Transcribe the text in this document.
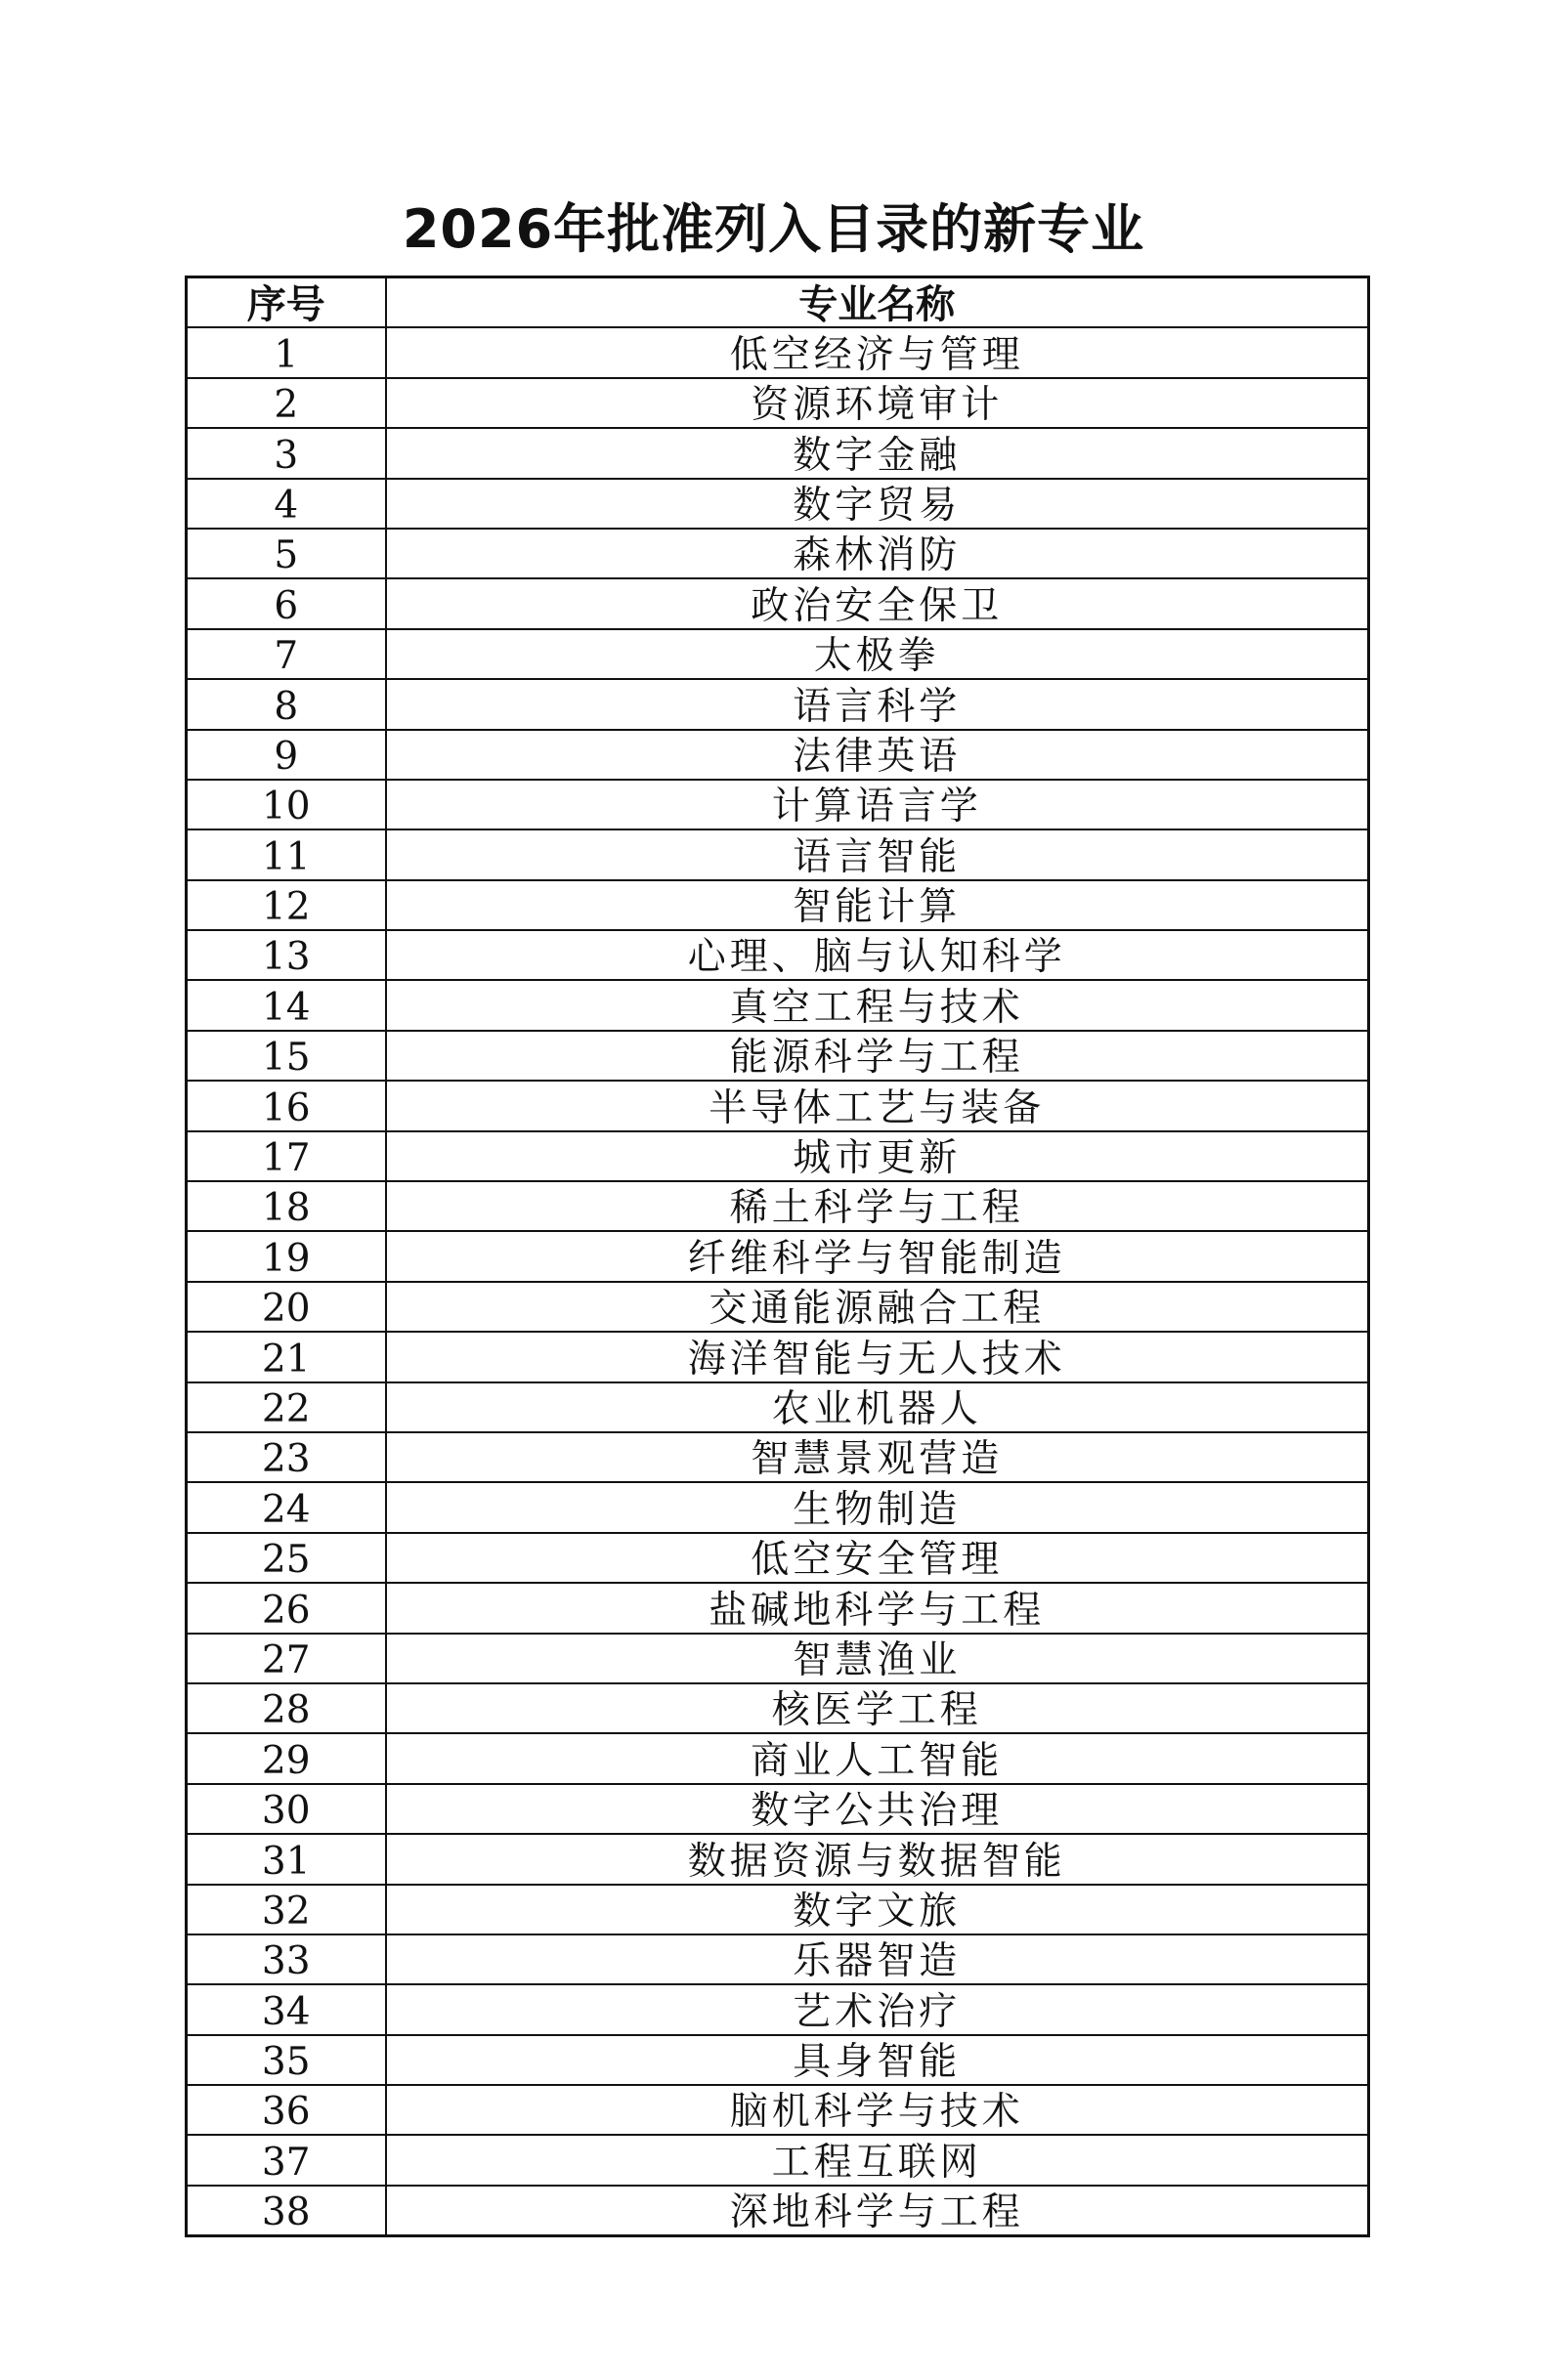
2026年批准列入目录的新专业
序号	专业名称
1	低空经济与管理
2	资源环境审计
3	数字金融
4	数字贸易
5	森林消防
6	政治安全保卫
7	太极拳
8	语言科学
9	法律英语
10	计算语言学
11	语言智能
12	智能计算
13	心理、脑与认知科学
14	真空工程与技术
15	能源科学与工程
16	半导体工艺与装备
17	城市更新
18	稀土科学与工程
19	纤维科学与智能制造
20	交通能源融合工程
21	海洋智能与无人技术
22	农业机器人
23	智慧景观营造
24	生物制造
25	低空安全管理
26	盐碱地科学与工程
27	智慧渔业
28	核医学工程
29	商业人工智能
30	数字公共治理
31	数据资源与数据智能
32	数字文旅
33	乐器智造
34	艺术治疗
35	具身智能
36	脑机科学与技术
37	工程互联网
38	深地科学与工程
